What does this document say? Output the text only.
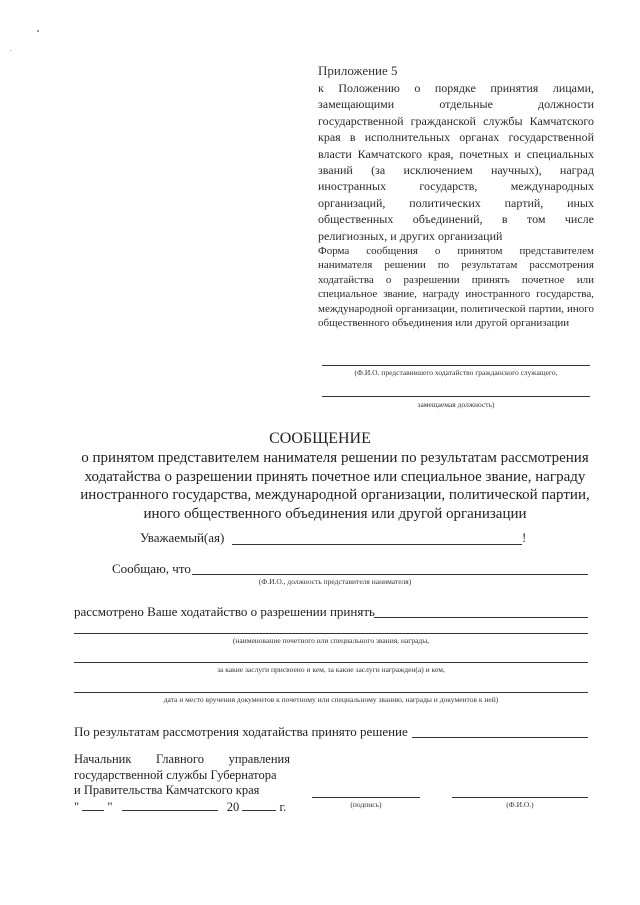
Приложение 5
к Положению о порядке принятия лицами, замещающими отдельные должности государственной гражданской службы Камчатского края в исполнительных органах государственной власти Камчатского края, почетных и специальных званий (за исключением научных), наград иностранных государств, международных организаций, политических партий, иных общественных объединений, в том числе религиозных, и других организаций
Форма сообщения о принятом представителем нанимателя решении по результатам рассмотрения ходатайства о разрешении принять почетное или специальное звание, награду иностранного государства, международной организации, политической партии, иного общественного объединения или другой организации
(Ф.И.О. представившего ходатайство гражданского служащего,
замещаемая должность)
СООБЩЕНИЕ
о принятом представителем нанимателя решении по результатам рассмотрения ходатайства о разрешении принять почетное или специальное звание, награду иностранного государства, международной организации, политической партии, иного общественного объединения или другой организации
Уважаемый(ая)	!
Сообщаю, что
(Ф.И.О., должность представителя нанимателя)
рассмотрено Ваше ходатайство о разрешении принять
(наименование почетного или специального звания, награды,
за какие заслуги присвоено и кем, за какие заслуги награжден(а) и кем,
дата и место вручения документов к почетному или специальному званию, награды и документов к ней)
По результатам рассмотрения ходатайства принято решение
Начальник Главного управления
государственной службы Губернатора
и Правительства Камчатского края
" "	20	г.	(подпись)	(Ф.И.О.)
